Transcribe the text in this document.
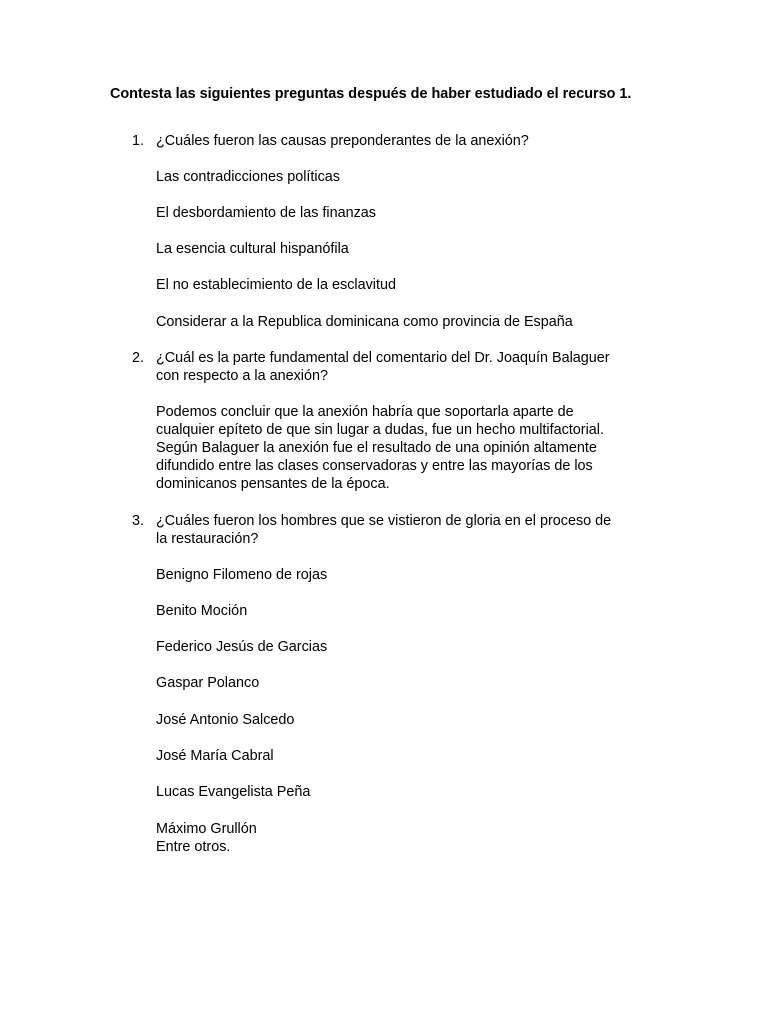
Contesta las siguientes preguntas después de haber estudiado el recurso 1.
1. ¿Cuáles fueron las causas preponderantes de la anexión?
Las contradicciones políticas
El desbordamiento de las finanzas
La esencia cultural hispanófila
El no establecimiento de la esclavitud
Considerar a la Republica dominicana como provincia de España
2. ¿Cuál es la parte fundamental del comentario del Dr. Joaquín Balaguer
con respecto a la anexión?
Podemos concluir que la anexión habría que soportarla aparte de
cualquier epíteto de que sin lugar a dudas, fue un hecho multifactorial.
Según Balaguer la anexión fue el resultado de una opinión altamente
difundido entre las clases conservadoras y entre las mayorías de los
dominicanos pensantes de la época.
3. ¿Cuáles fueron los hombres que se vistieron de gloria en el proceso de
la restauración?
Benigno Filomeno de rojas
Benito Moción
Federico Jesús de Garcias
Gaspar Polanco
José Antonio Salcedo
José María Cabral
Lucas Evangelista Peña
Máximo Grullón
Entre otros.
